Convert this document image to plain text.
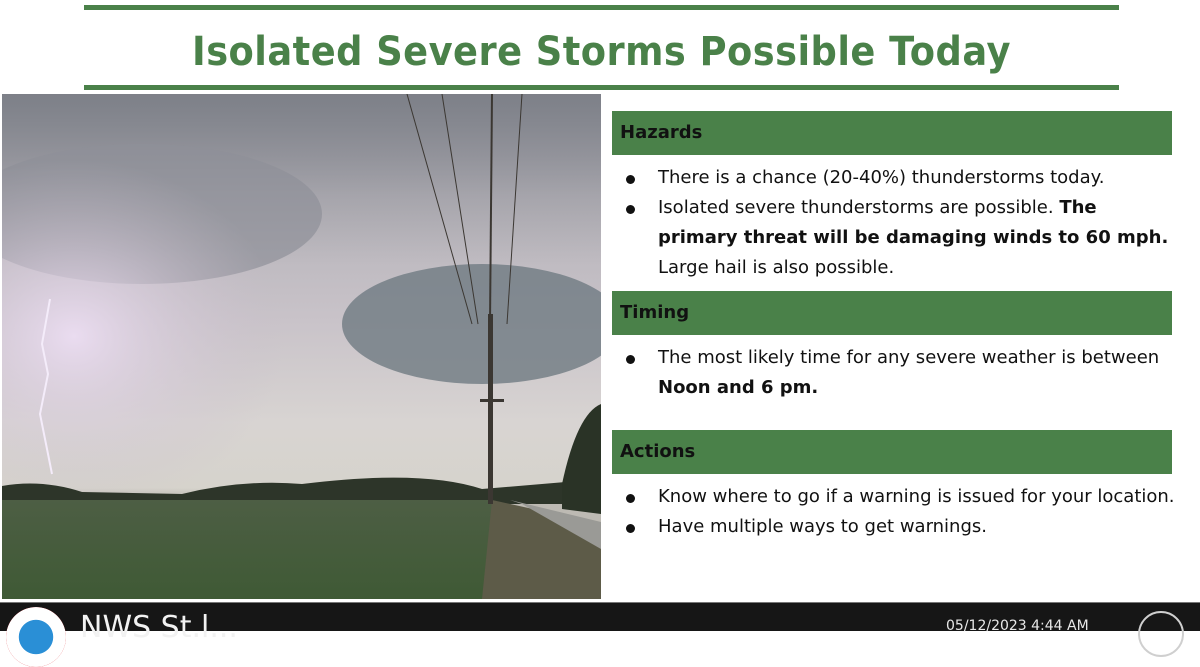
Isolated Severe Storms Possible Today
Hazards
There is a chance (20-40%) thunderstorms today.
Isolated severe thunderstorms are possible. The primary threat will be damaging winds to 60 mph. Large hail is also possible.
Timing
The most likely time for any severe weather is between Noon and 6 pm.
Actions
Know where to go if a warning is issued for your location.
Have multiple ways to get warnings.
NWS St.l...	05/12/2023 4:44 AM
